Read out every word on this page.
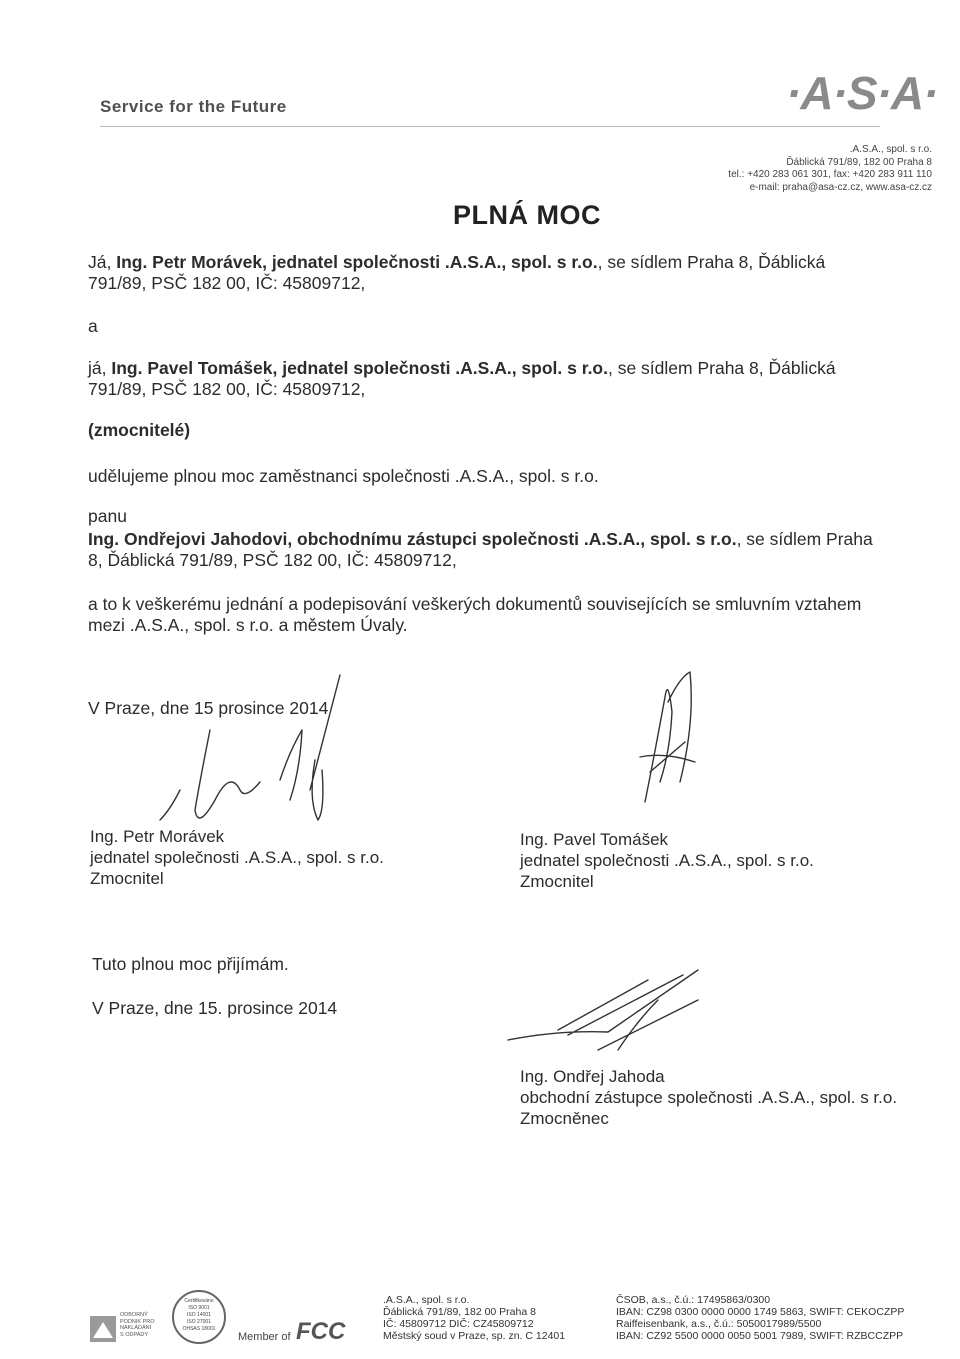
Service for the Future	·A·S·A·
.A.S.A., spol. s r.o.
Ďáblická 791/89, 182 00 Praha 8
tel.: +420 283 061 301, fax: +420 283 911 110
e-mail: praha@asa-cz.cz, www.asa-cz.cz
PLNÁ MOC
Já, Ing. Petr Morávek, jednatel společnosti .A.S.A., spol. s r.o., se sídlem Praha 8, Ďáblická
791/89, PSČ 182 00, IČ: 45809712,
a
já, Ing. Pavel Tomášek, jednatel společnosti .A.S.A., spol. s r.o., se sídlem Praha 8, Ďáblická
791/89, PSČ 182 00, IČ: 45809712,
(zmocnitelé)
udělujeme plnou moc zaměstnanci společnosti .A.S.A., spol. s r.o.
panu
Ing. Ondřejovi Jahodovi, obchodnímu zástupci společnosti .A.S.A., spol. s r.o., se sídlem Praha
8, Ďáblická 791/89, PSČ 182 00, IČ: 45809712,
a to k veškerému jednání a podepisování veškerých dokumentů souvisejících se smluvním vztahem
mezi .A.S.A., spol. s r.o. a městem Úvaly.
V Praze, dne 15 prosince 2014
Ing. Petr Morávek
jednatel společnosti .A.S.A., spol. s r.o.
Zmocnitel
Ing. Pavel Tomášek
jednatel společnosti .A.S.A., spol. s r.o.
Zmocnitel
Tuto plnou moc přijímám.
V Praze, dne 15. prosince 2014
Ing. Ondřej Jahoda
obchodní zástupce společnosti .A.S.A., spol. s r.o.
Zmocněnec
ODBORNÝ
PODNIK PRO
NAKLÁDÁNÍ
S ODPADY
Certifikováno
ISO 9001
ISO 14001
ISO 27001
OHSAS 18001
Member of FCC
.A.S.A., spol. s r.o.
Ďáblická 791/89, 182 00 Praha 8
IČ: 45809712 DIČ: CZ45809712
Městský soud v Praze, sp. zn. C 12401
ČSOB, a.s., č.ú.: 17495863/0300
IBAN: CZ98 0300 0000 0000 1749 5863, SWIFT: CEKOCZPP
Raiffeisenbank, a.s., č.ú.: 5050017989/5500
IBAN: CZ92 5500 0000 0050 5001 7989, SWIFT: RZBCCZPP
